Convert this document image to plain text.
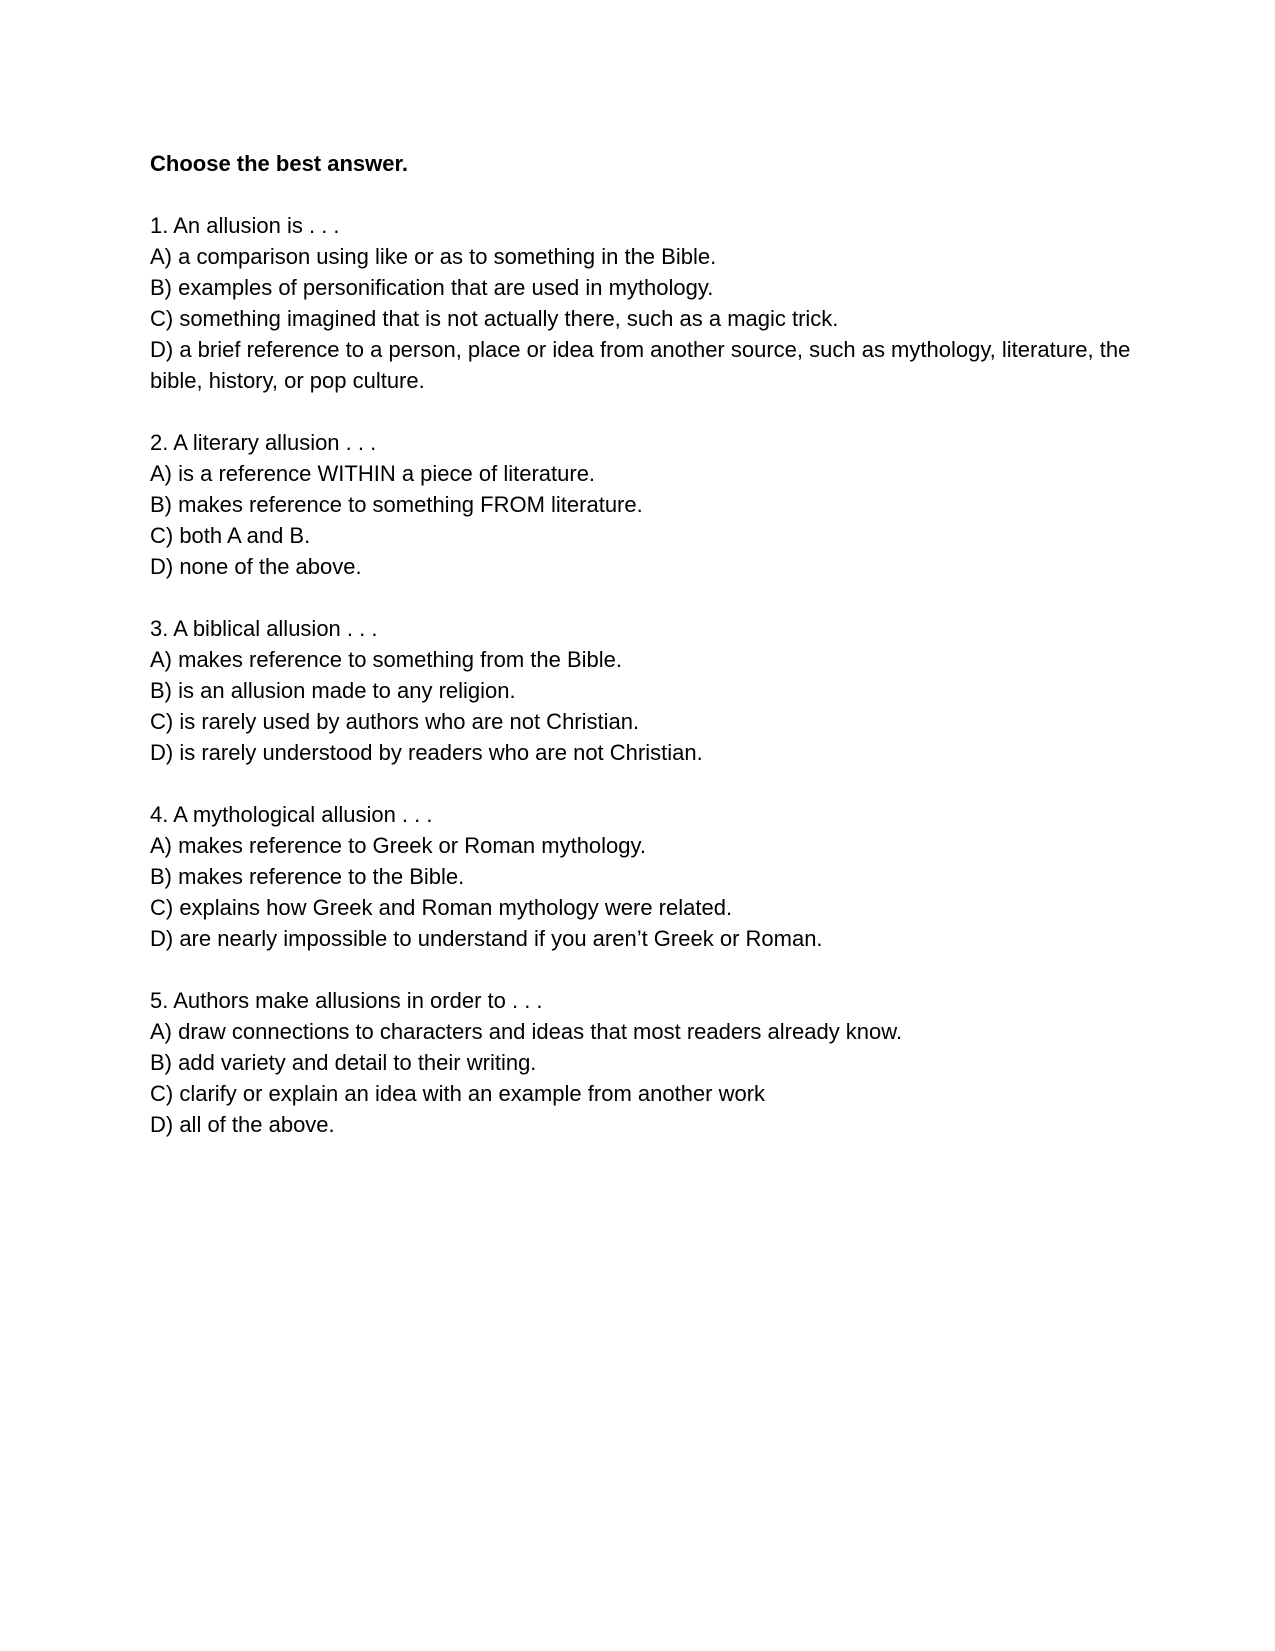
Choose the best answer.

1. An allusion is . . .

A) a comparison using like or as to something in the Bible.

B) examples of personification that are used in mythology.

C) something imagined that is not actually there, such as a magic trick.

D) a brief reference to a person, place or idea from another source, such as mythology, literature, the bible, history, or pop culture.

2. A literary allusion . . .

A) is a reference WITHIN a piece of literature.

B) makes reference to something FROM literature.

C) both A and B.

D) none of the above.

3. A biblical allusion . . .

A) makes reference to something from the Bible.

B) is an allusion made to any religion.

C) is rarely used by authors who are not Christian.

D) is rarely understood by readers who are not Christian.

4. A mythological allusion . . .

A) makes reference to Greek or Roman mythology.

B) makes reference to the Bible.

C) explains how Greek and Roman mythology were related.

D) are nearly impossible to understand if you aren’t Greek or Roman.

5. Authors make allusions in order to . . .

A) draw connections to characters and ideas that most readers already know.

B) add variety and detail to their writing.

C) clarify or explain an idea with an example from another work

D) all of the above.
